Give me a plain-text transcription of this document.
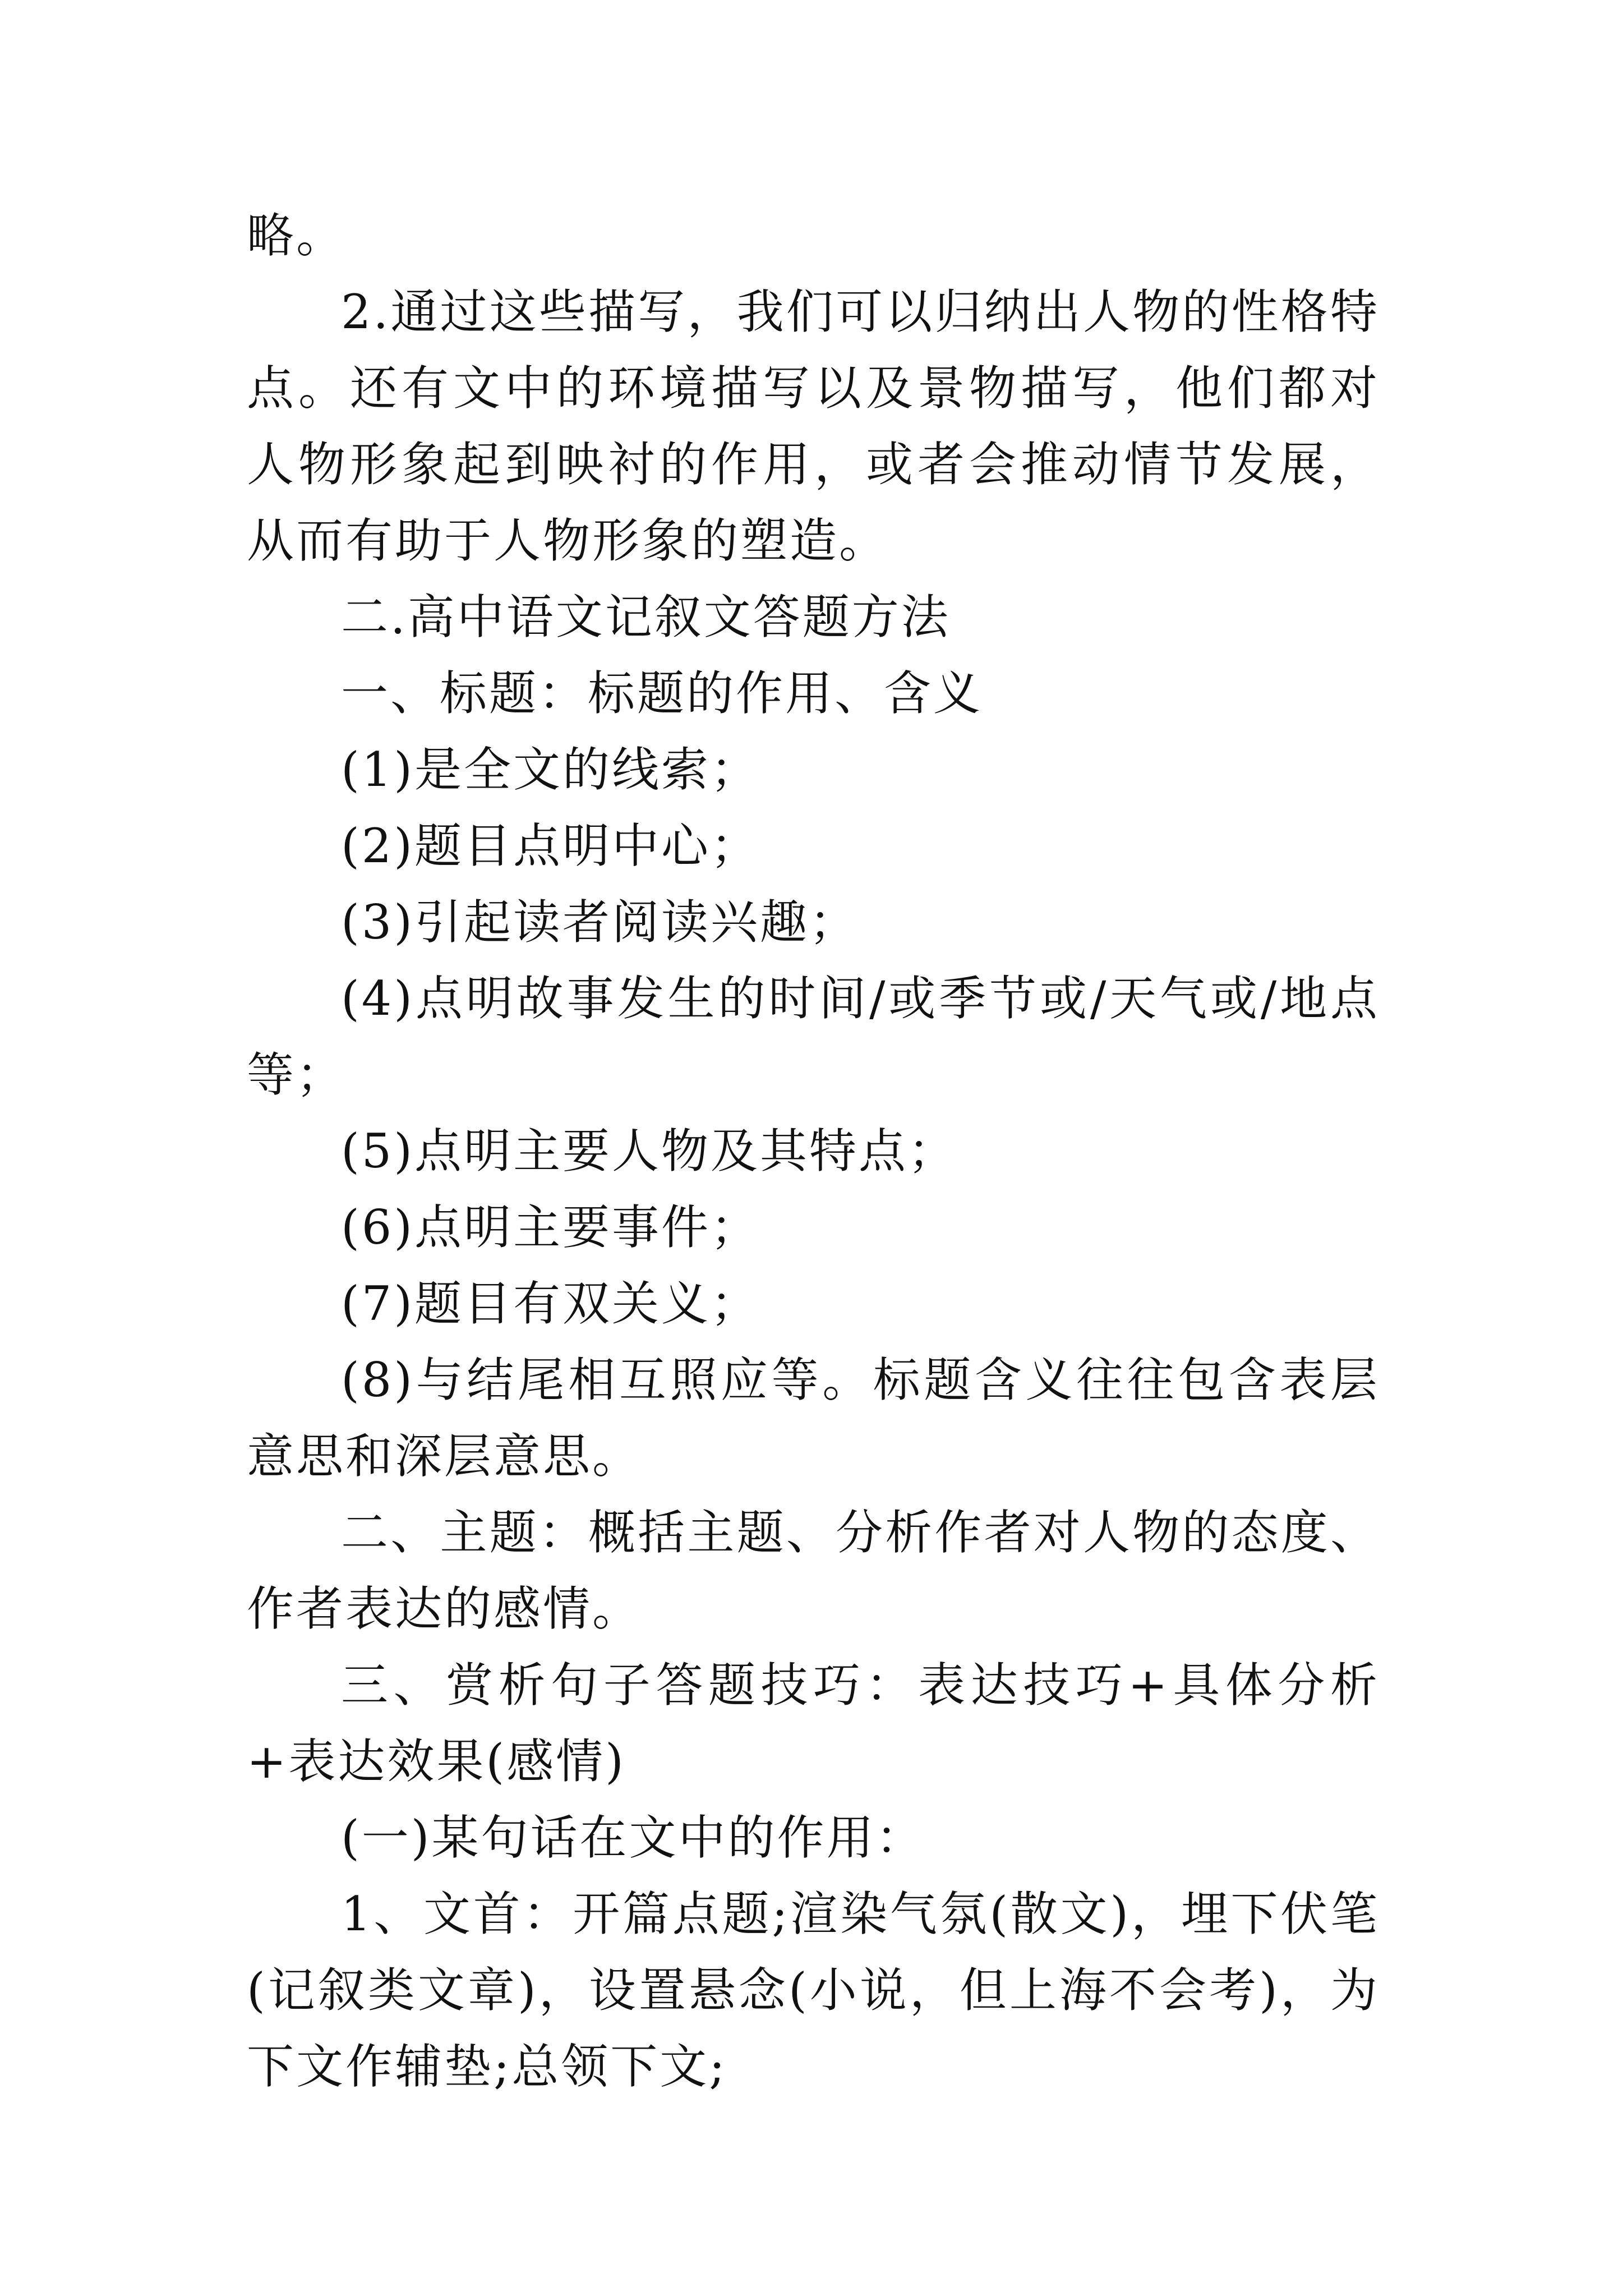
略。

2.通过这些描写，我们可以归纳出人物的性格特点。还有文中的环境描写以及景物描写，他们都对人物形象起到映衬的作用，或者会推动情节发展，从而有助于人物形象的塑造。

二.高中语文记叙文答题方法

一、标题：标题的作用、含义

(1)是全文的线索；

(2)题目点明中心；

(3)引起读者阅读兴趣；

(4)点明故事发生的时间/或季节或/天气或/地点等；

(5)点明主要人物及其特点；

(6)点明主要事件；

(7)题目有双关义；

(8)与结尾相互照应等。标题含义往往包含表层意思和深层意思。

二、主题：概括主题、分析作者对人物的态度、作者表达的感情。

三、赏析句子答题技巧：表达技巧+具体分析+表达效果(感情)

(一)某句话在文中的作用：

1、文首：开篇点题;渲染气氛(散文)，埋下伏笔(记叙类文章)，设置悬念(小说，但上海不会考)，为下文作辅垫;总领下文;
